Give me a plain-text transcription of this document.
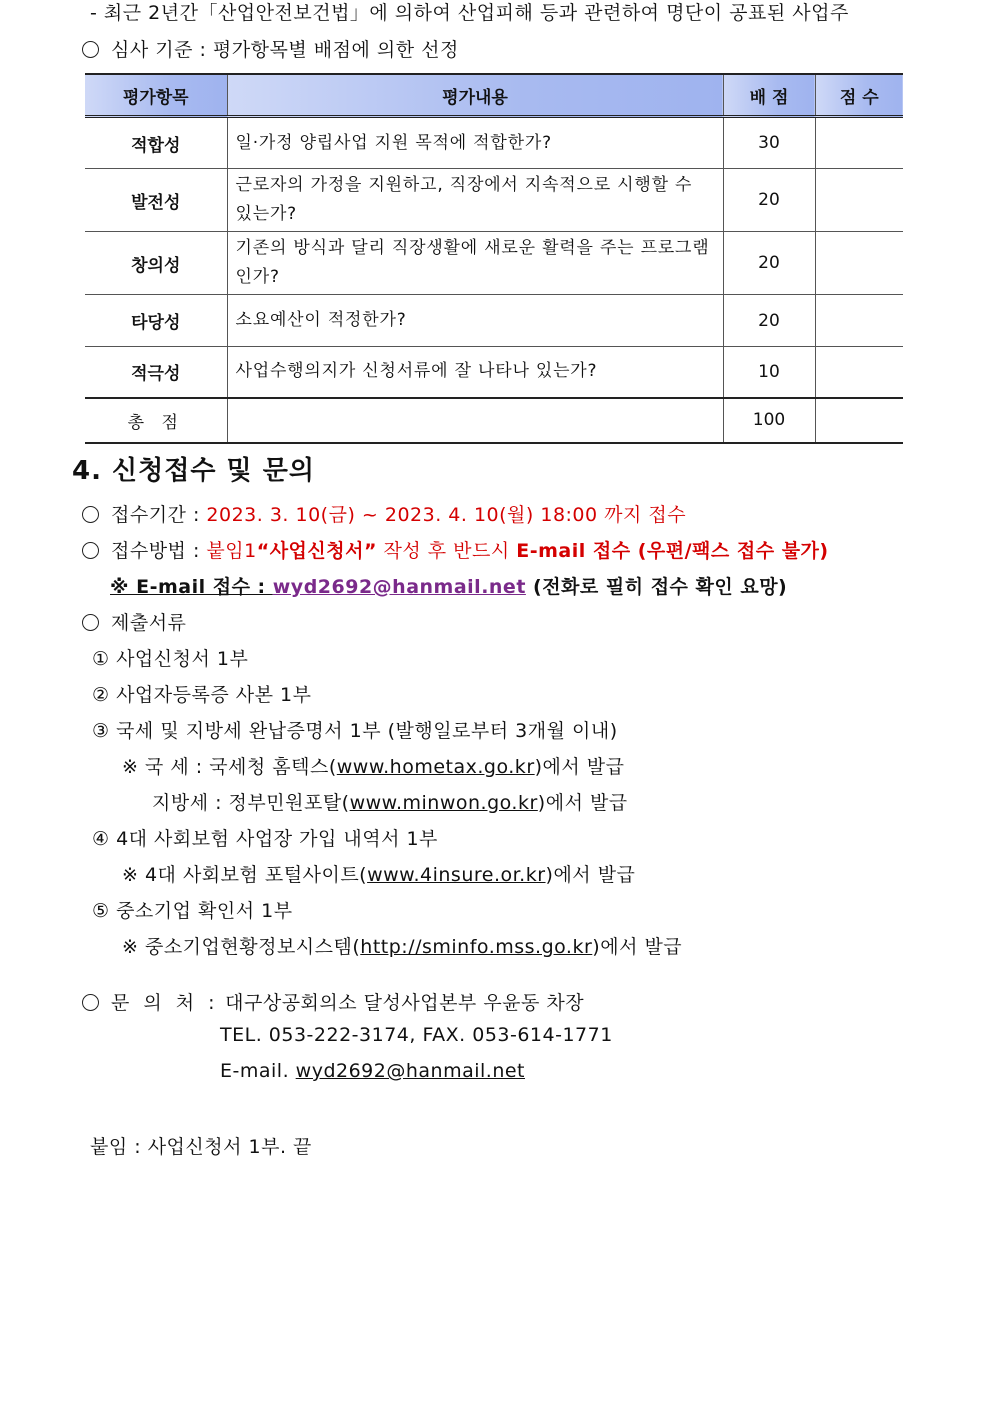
- 최근 2년간「산업안전보건법」에 의하여 산업피해 등과 관련하여 명단이 공표된 사업주
심사 기준 : 평가항목별 배점에 의한 선정
평가항목	평가내용	배 점	점 수
적합성	일·가정 양립사업 지원 목적에 적합한가?	30	
발전성	근로자의 가정을 지원하고, 직장에서 지속적으로 시행할 수 있는가?	20	
창의성	기존의 방식과 달리 직장생활에 새로운 활력을 주는 프로그램인가?	20	
타당성	소요예산이 적정한가?	20	
적극성	사업수행의지가 신청서류에 잘 나타나 있는가?	10	
총 점		100	
4. 신청접수 및 문의
접수기간 : 2023. 3. 10(금) ~ 2023. 4. 10(월) 18:00 까지 접수
접수방법 : 붙임1“사업신청서” 작성 후 반드시 E-mail 접수 (우편/팩스 접수 불가)
※ E-mail 접수 : wyd2692@hanmail.net (전화로 필히 접수 확인 요망)
제출서류
① 사업신청서 1부
② 사업자등록증 사본 1부
③ 국세 및 지방세 완납증명서 1부 (발행일로부터 3개월 이내)
※ 국 세 : 국세청 홈텍스(www.hometax.go.kr)에서 발급
지방세 : 정부민원포탈(www.minwon.go.kr)에서 발급
④ 4대 사회보험 사업장 가입 내역서 1부
※ 4대 사회보험 포털사이트(www.4insure.or.kr)에서 발급
⑤ 중소기업 확인서 1부
※ 중소기업현황정보시스템(http://sminfo.mss.go.kr)에서 발급
문 의 처 : 대구상공회의소 달성사업본부 우윤동 차장
TEL. 053-222-3174, FAX. 053-614-1771
E-mail. wyd2692@hanmail.net
붙임 : 사업신청서 1부. 끝
